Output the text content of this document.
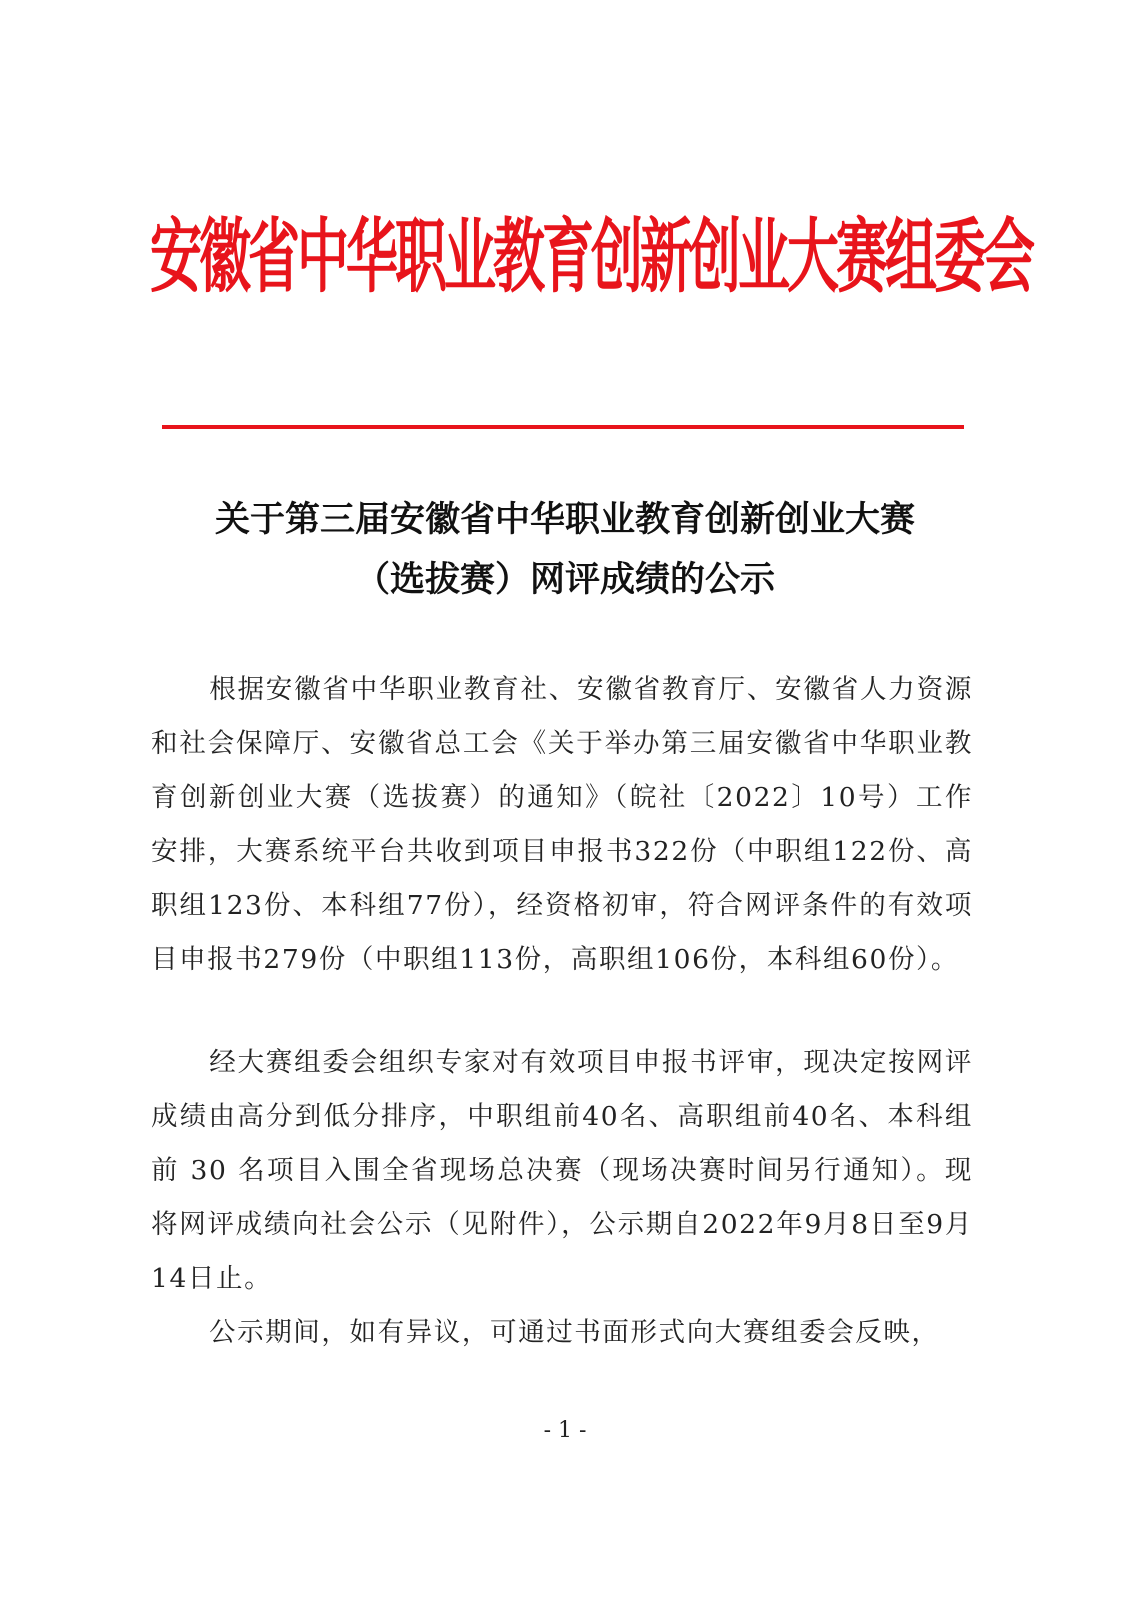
安徽省中华职业教育创新创业大赛组委会
关于第三届安徽省中华职业教育创新创业大赛
（选拔赛）网评成绩的公示

根据安徽省中华职业教育社、安徽省教育厅、安徽省人力资源和社会保障厅、安徽省总工会《关于举办第三届安徽省中华职业教育创新创业大赛（选拔赛）的通知》（皖社〔2022〕10号）工作安排，大赛系统平台共收到项目申报书322份（中职组122份、高职组123份、本科组77份），经资格初审，符合网评条件的有效项目申报书279份（中职组113份，高职组106份，本科组60份）。

经大赛组委会组织专家对有效项目申报书评审，现决定按网评成绩由高分到低分排序，中职组前40名、高职组前40名、本科组前 30 名项目入围全省现场总决赛（现场决赛时间另行通知）。现将网评成绩向社会公示（见附件），公示期自2022年9月8日至9月14日止。

公示期间，如有异议，可通过书面形式向大赛组委会反映，

- 1 -
